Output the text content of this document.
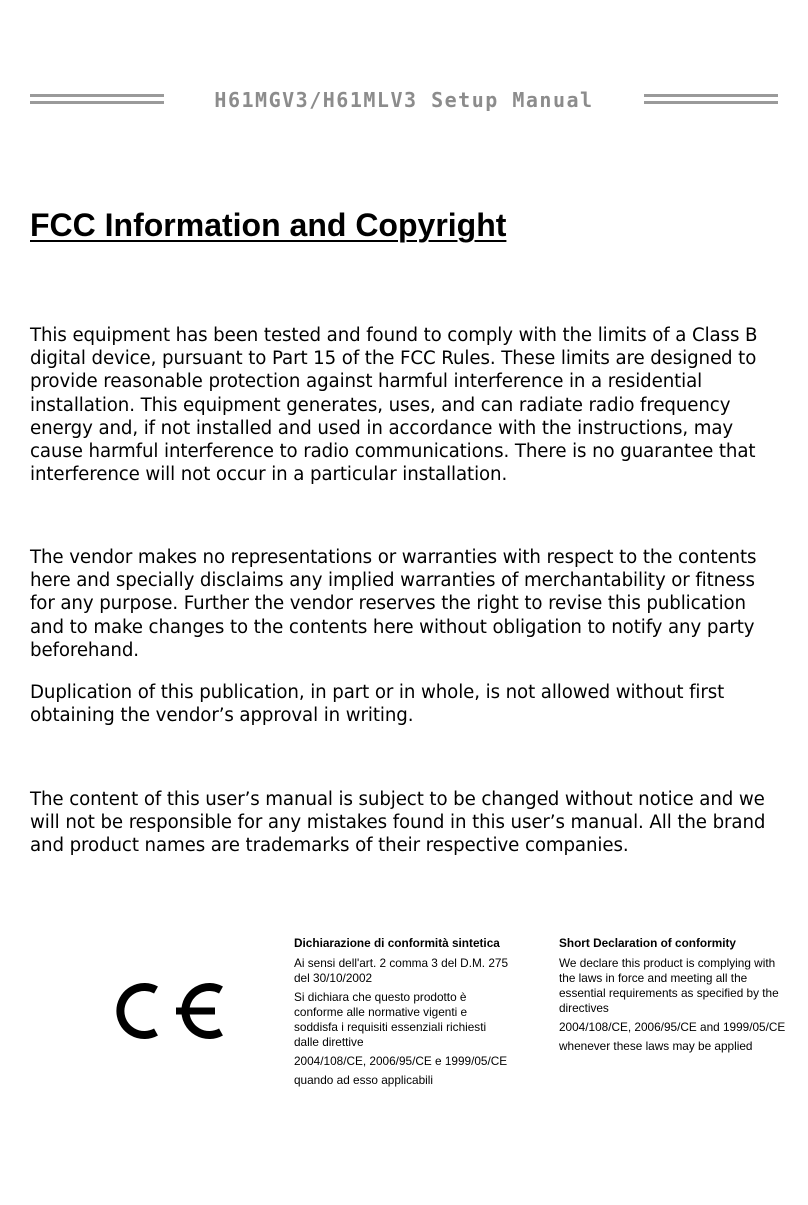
H61MGV3/H61MLV3 Setup Manual
FCC Information and Copyright

This equipment has been tested and found to comply with the limits of a Class B digital device, pursuant to Part 15 of the FCC Rules. These limits are designed to provide reasonable protection against harmful interference in a residential installation. This equipment generates, uses, and can radiate radio frequency energy and, if not installed and used in accordance with the instructions, may cause harmful interference to radio communications. There is no guarantee that interference will not occur in a particular installation.

The vendor makes no representations or warranties with respect to the contents here and specially disclaims any implied warranties of merchantability or fitness for any purpose. Further the vendor reserves the right to revise this publication and to make changes to the contents here without obligation to notify any party beforehand.

Duplication of this publication, in part or in whole, is not allowed without first obtaining the vendor’s approval in writing.

The content of this user’s manual is subject to be changed without notice and we will not be responsible for any mistakes found in this user’s manual. All the brand and product names are trademarks of their respective companies.

Dichiarazione di conformità sintetica

Ai sensi dell'art. 2 comma 3 del D.M. 275 del 30/10/2002

Si dichiara che questo prodotto è conforme alle normative vigenti e soddisfa i requisiti essenziali richiesti dalle direttive

2004/108/CE, 2006/95/CE e 1999/05/CE

quando ad esso applicabili

Short Declaration of conformity

We declare this product is complying with the laws in force and meeting all the essential requirements as specified by the directives

2004/108/CE, 2006/95/CE and 1999/05/CE

whenever these laws may be applied
